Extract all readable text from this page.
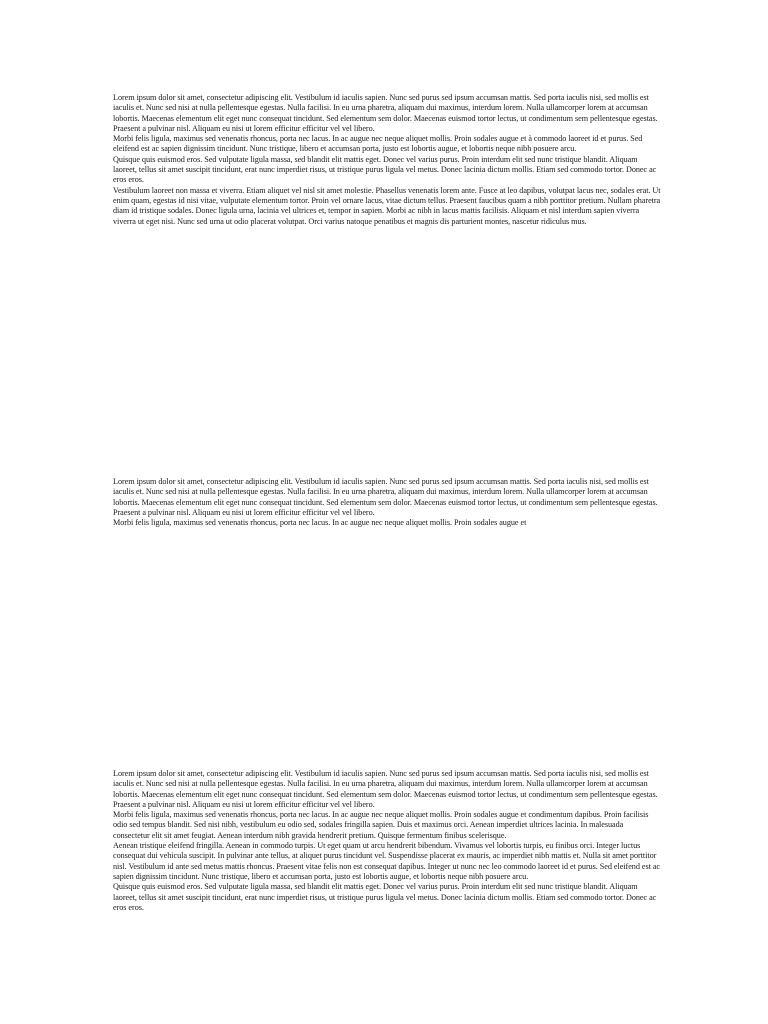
Lorem ipsum dolor sit amet, consectetur adipiscing elit. Vestibulum id iaculis sapien. Nunc sed purus sed ipsum accumsan mattis. Sed porta iaculis nisi, sed mollis est iaculis et. Nunc sed nisi at nulla pellentesque egestas. Nulla facilisi. In eu urna pharetra, aliquam dui maximus, interdum lorem. Nulla ullamcorper lorem at accumsan lobortis. Maecenas elementum elit eget nunc consequat tincidunt. Sed elementum sem dolor. Maecenas euismod tortor lectus, ut condimentum sem pellentesque egestas. Praesent a pulvinar nisl. Aliquam eu nisi ut lorem efficitur efficitur vel vel libero.

Morbi felis ligula, maximus sed venenatis rhoncus, porta nec lacus. In ac augue nec neque aliquet mollis. Proin sodales augue et à commodo laoreet id et purus. Sed eleifend est ac sapien dignissim tincidunt. Nunc tristique, libero et accumsan porta, justo est lobortis augue, et lobortis neque nibh posuere arcu.

Quisque quis euismod eros. Sed vulputate ligula massa, sed blandit elit mattis eget. Donec vel varius purus. Proin interdum elit sed nunc tristique blandit. Aliquam laoreet, tellus sit amet suscipit tincidunt, erat nunc imperdiet risus, ut tristique purus ligula vel metus. Donec lacinia dictum mollis. Etiam sed commodo tortor. Donec ac eros eros.

Vestibulum laoreet non massa et viverra. Etiam aliquet vel nisl sit amet molestie. Phasellus venenatis lorem ante. Fusce at leo dapibus, volutpat lacus nec, sodales erat. Ut enim quam, egestas id nisi vitae, vulputate elementum tortor. Proin vel ornare lacus, vitae dictum tellus. Praesent faucibus quam a nibh porttitor pretium. Nullam pharetra diam id tristique sodales. Donec ligula urna, lacinia vel ultrices et, tempor in sapien. Morbi ac nibh in lacus mattis facilisis. Aliquam et nisl interdum sapien viverra viverra ut eget nisi. Nunc sed urna ut odio placerat volutpat. Orci varius natoque penatibus et magnis dis parturient montes, nascetur ridiculus mus.

Lorem ipsum dolor sit amet, consectetur adipiscing elit. Vestibulum id iaculis sapien. Nunc sed purus sed ipsum accumsan mattis. Sed porta iaculis nisi, sed mollis est iaculis et. Nunc sed nisi at nulla pellentesque egestas. Nulla facilisi. In eu urna pharetra, aliquam dui maximus, interdum lorem. Nulla ullamcorper lorem at accumsan lobortis. Maecenas elementum elit eget nunc consequat tincidunt. Sed elementum sem dolor. Maecenas euismod tortor lectus, ut condimentum sem pellentesque egestas. Praesent a pulvinar nisl. Aliquam eu nisi ut lorem efficitur efficitur vel vel libero.

Morbi felis ligula, maximus sed venenatis rhoncus, porta nec lacus. In ac augue nec neque aliquet mollis. Proin sodales augue et

Lorem ipsum dolor sit amet, consectetur adipiscing elit. Vestibulum id iaculis sapien. Nunc sed purus sed ipsum accumsan mattis. Sed porta iaculis nisi, sed mollis est iaculis et. Nunc sed nisi at nulla pellentesque egestas. Nulla facilisi. In eu urna pharetra, aliquam dui maximus, interdum lorem. Nulla ullamcorper lorem at accumsan lobortis. Maecenas elementum elit eget nunc consequat tincidunt. Sed elementum sem dolor. Maecenas euismod tortor lectus, ut condimentum sem pellentesque egestas. Praesent a pulvinar nisl. Aliquam eu nisi ut lorem efficitur efficitur vel vel libero.

Morbi felis ligula, maximus sed venenatis rhoncus, porta nec lacus. In ac augue nec neque aliquet mollis. Proin sodales augue et condimentum dapibus. Proin facilisis odio sed tempus blandit. Sed nisi nibh, vestibulum eu odio sed, sodales fringilla sapien. Duis et maximus orci. Aenean imperdiet ultrices lacinia. In malesuada consectetur elit sit amet feugiat. Aenean interdum nibh gravida hendrerit pretium. Quisque fermentum finibus scelerisque.

Aenean tristique eleifend fringilla. Aenean in commodo turpis. Ut eget quam ut arcu hendrerit bibendum. Vivamus vel lobortis turpis, eu finibus orci. Integer luctus consequat dui vehicula suscipit. In pulvinar ante tellus, at aliquet purus tincidunt vel. Suspendisse placerat ex mauris, ac imperdiet nibh mattis et. Nulla sit amet porttitor nisl. Vestibulum id ante sed metus mattis rhoncus. Praesent vitae felis non est consequat dapibus. Integer ut nunc nec leo commodo laoreet id et purus. Sed eleifend est ac sapien dignissim tincidunt. Nunc tristique, libero et accumsan porta, justo est lobortis augue, et lobortis neque nibh posuere arcu.

Quisque quis euismod eros. Sed vulputate ligula massa, sed blandit elit mattis eget. Donec vel varius purus. Proin interdum elit sed nunc tristique blandit. Aliquam laoreet, tellus sit amet suscipit tincidunt, erat nunc imperdiet risus, ut tristique purus ligula vel metus. Donec lacinia dictum mollis. Etiam sed commodo tortor. Donec ac eros eros.
